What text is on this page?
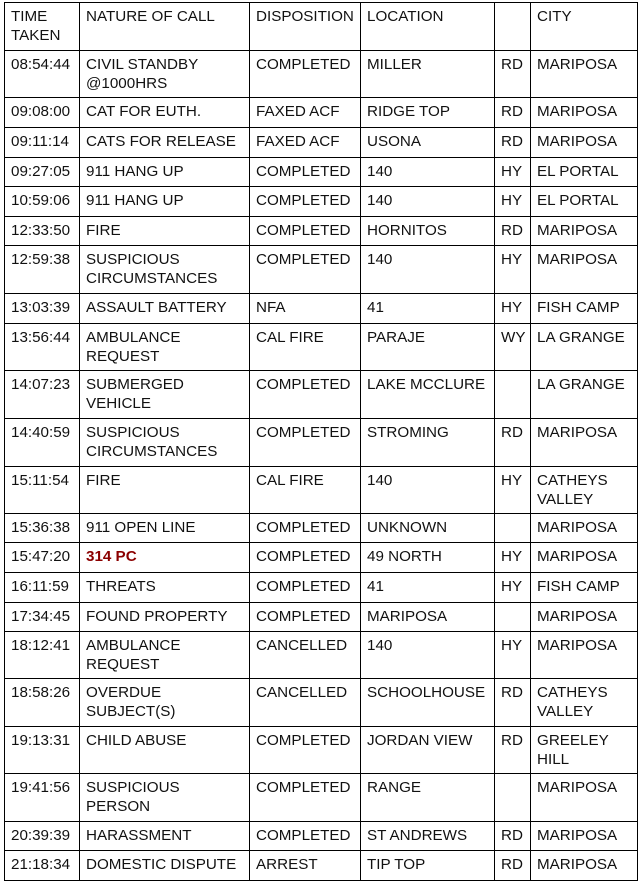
TIME
TAKEN	NATURE OF CALL	DISPOSITION	LOCATION		CITY
08:54:44	CIVIL STANDBY
@1000HRS	COMPLETED	MILLER	RD	MARIPOSA
09:08:00	CAT FOR EUTH.	FAXED ACF	RIDGE TOP	RD	MARIPOSA
09:11:14	CATS FOR RELEASE	FAXED ACF	USONA	RD	MARIPOSA
09:27:05	911 HANG UP	COMPLETED	140	HY	EL PORTAL
10:59:06	911 HANG UP	COMPLETED	140	HY	EL PORTAL
12:33:50	FIRE	COMPLETED	HORNITOS	RD	MARIPOSA
12:59:38	SUSPICIOUS
CIRCUMSTANCES	COMPLETED	140	HY	MARIPOSA
13:03:39	ASSAULT BATTERY	NFA	41	HY	FISH CAMP
13:56:44	AMBULANCE
REQUEST	CAL FIRE	PARAJE	WY	LA GRANGE
14:07:23	SUBMERGED
VEHICLE	COMPLETED	LAKE MCCLURE		LA GRANGE
14:40:59	SUSPICIOUS
CIRCUMSTANCES	COMPLETED	STROMING	RD	MARIPOSA
15:11:54	FIRE	CAL FIRE	140	HY	CATHEYS
VALLEY
15:36:38	911 OPEN LINE	COMPLETED	UNKNOWN		MARIPOSA
15:47:20	314 PC	COMPLETED	49 NORTH	HY	MARIPOSA
16:11:59	THREATS	COMPLETED	41	HY	FISH CAMP
17:34:45	FOUND PROPERTY	COMPLETED	MARIPOSA		MARIPOSA
18:12:41	AMBULANCE
REQUEST	CANCELLED	140	HY	MARIPOSA
18:58:26	OVERDUE
SUBJECT(S)	CANCELLED	SCHOOLHOUSE	RD	CATHEYS
VALLEY
19:13:31	CHILD ABUSE	COMPLETED	JORDAN VIEW	RD	GREELEY
HILL
19:41:56	SUSPICIOUS
PERSON	COMPLETED	RANGE		MARIPOSA
20:39:39	HARASSMENT	COMPLETED	ST ANDREWS	RD	MARIPOSA
21:18:34	DOMESTIC DISPUTE	ARREST	TIP TOP	RD	MARIPOSA
